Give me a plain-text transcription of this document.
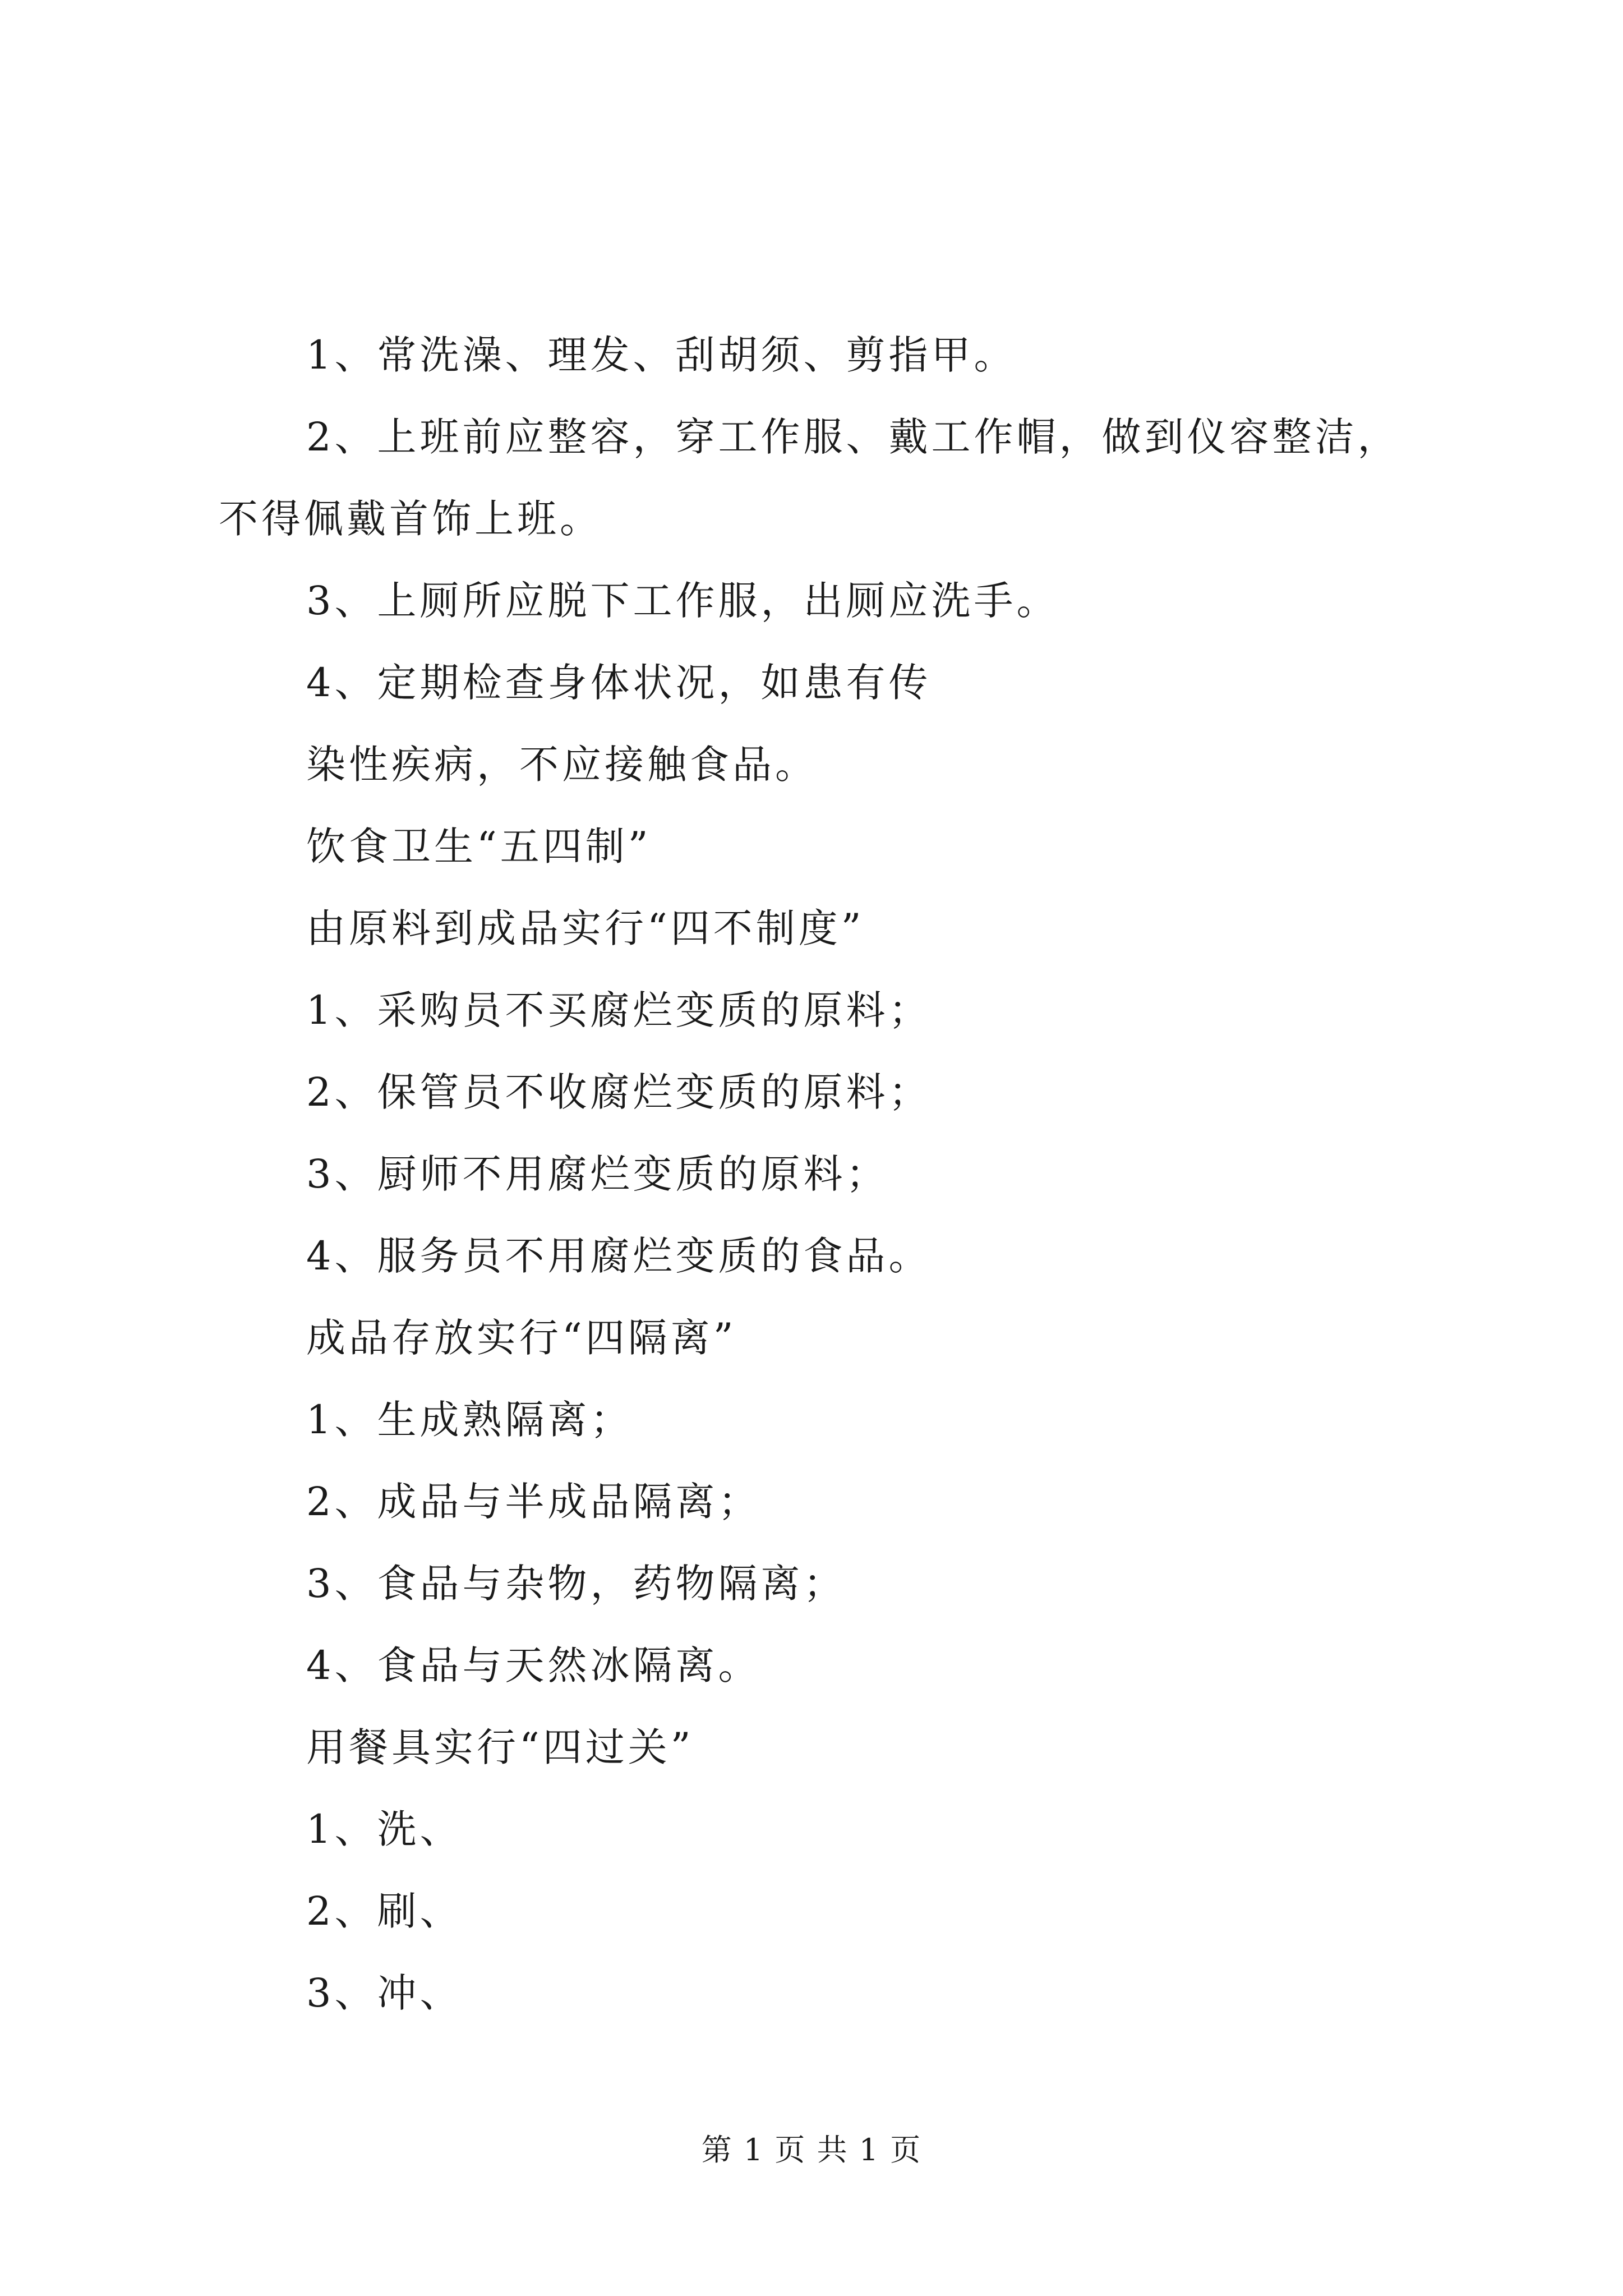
1、常洗澡、理发、刮胡须、剪指甲。

2、上班前应整容，穿工作服、戴工作帽，做到仪容整洁，

不得佩戴首饰上班。

3、上厕所应脱下工作服，出厕应洗手。

4、定期检查身体状况，如患有传

染性疾病，不应接触食品。

饮食卫生“五四制”

由原料到成品实行“四不制度”

1、采购员不买腐烂变质的原料；

2、保管员不收腐烂变质的原料；

3、厨师不用腐烂变质的原料；

4、服务员不用腐烂变质的食品。

成品存放实行“四隔离”

1、生成熟隔离；

2、成品与半成品隔离；

3、食品与杂物，药物隔离；

4、食品与天然冰隔离。

用餐具实行“四过关”

1、洗、

2、刷、

3、冲、

第 1 页 共 1 页
